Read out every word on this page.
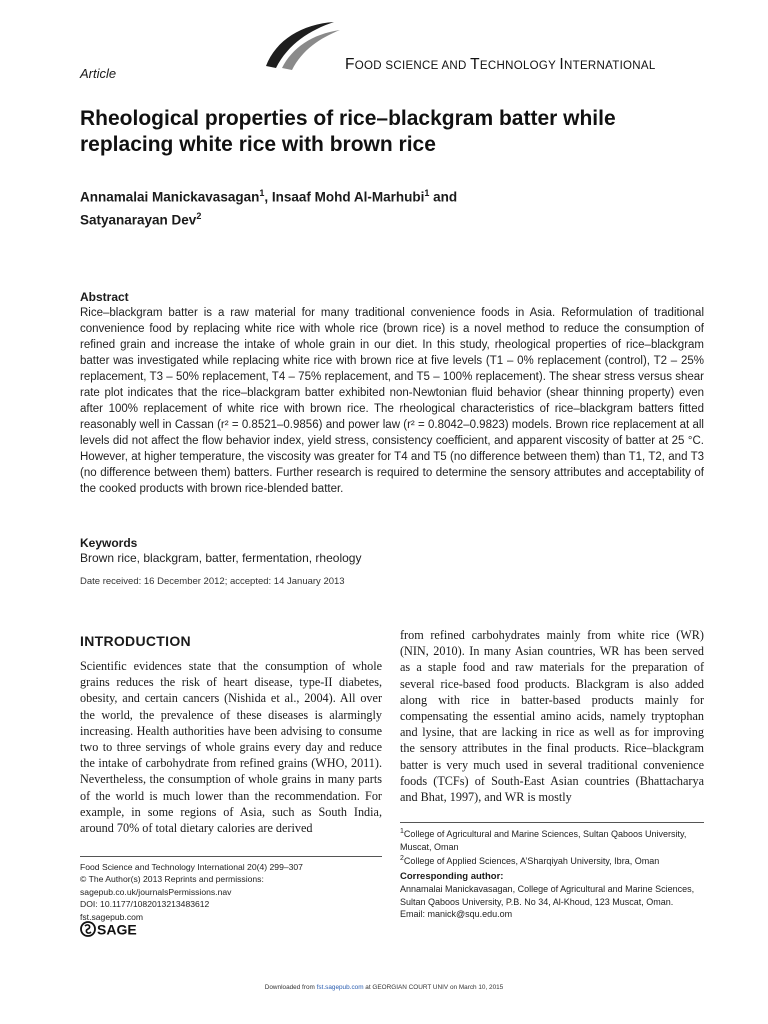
FOOD SCIENCE AND TECHNOLOGY INTERNATIONAL
Article
Rheological properties of rice–blackgram batter while replacing white rice with brown rice
Annamalai Manickavasagan$^1$, Insaaf Mohd Al-Marhubi$^1$ and
Satyanarayan Dev$^2$
Abstract

Rice–blackgram batter is a raw material for many traditional convenience foods in Asia. Reformulation of traditional convenience food by replacing white rice with whole rice (brown rice) is a novel method to reduce the consumption of refined grain and increase the intake of whole grain in our diet. In this study, rheological properties of rice–blackgram batter was investigated while replacing white rice with brown rice at five levels (T1 – 0% replacement (control), T2 – 25% replacement, T3 – 50% replacement, T4 – 75% replacement, and T5 – 100% replacement). The shear stress versus shear rate plot indicates that the rice–blackgram batter exhibited non-Newtonian fluid behavior (shear thinning property) even after 100% replacement of white rice with brown rice. The rheological characteristics of rice–blackgram batters fitted reasonably well in Cassan (r² = 0.8521–0.9856) and power law (r² = 0.8042–0.9823) models. Brown rice replacement at all levels did not affect the flow behavior index, yield stress, consistency coefficient, and apparent viscosity of batter at 25 °C. However, at higher temperature, the viscosity was greater for T4 and T5 (no difference between them) than T1, T2, and T3 (no difference between them) batters. Further research is required to determine the sensory attributes and acceptability of the cooked products with brown rice-blended batter.

Keywords
Brown rice, blackgram, batter, fermentation, rheology
Date received: 16 December 2012; accepted: 14 January 2013
INTRODUCTION

Scientific evidences state that the consumption of whole grains reduces the risk of heart disease, type-II diabetes, obesity, and certain cancers (Nishida et al., 2004). All over the world, the prevalence of these diseases is alarmingly increasing. Health authorities have been advising to consume two to three servings of whole grains every day and reduce the intake of carbohydrate from refined grains (WHO, 2011). Nevertheless, the consumption of whole grains in many parts of the world is much lower than the recommendation. For example, in some regions of Asia, such as South India, around 70% of total dietary calories are derived

from refined carbohydrates mainly from white rice (WR) (NIN, 2010). In many Asian countries, WR has been served as a staple food and raw materials for the preparation of several rice-based food products. Blackgram is also added along with rice in batter-based products mainly for compensating the essential amino acids, namely tryptophan and lysine, that are lacking in rice as well as for improving the sensory attributes in the final products. Rice–blackgram batter is very much used in several traditional convenience foods (TCFs) of South-East Asian countries (Bhattacharya and Bhat, 1997), and WR is mostly

Food Science and Technology International 20(4) 299–307
© The Author(s) 2013 Reprints and permissions:
sagepub.co.uk/journalsPermissions.nav
DOI: 10.1177/1082013213483612
fst.sagepub.com
SAGE
$^1$College of Agricultural and Marine Sciences, Sultan Qaboos University, Muscat, Oman
$^2$College of Applied Sciences, A’Sharqiyah University, Ibra, Oman
Corresponding author:
Annamalai Manickavasagan, College of Agricultural and Marine Sciences, Sultan Qaboos University, P.B. No 34, Al-Khoud, 123 Muscat, Oman.
Email: manick@squ.edu.om
Downloaded from fst.sagepub.com at GEORGIAN COURT UNIV on March 10, 2015
